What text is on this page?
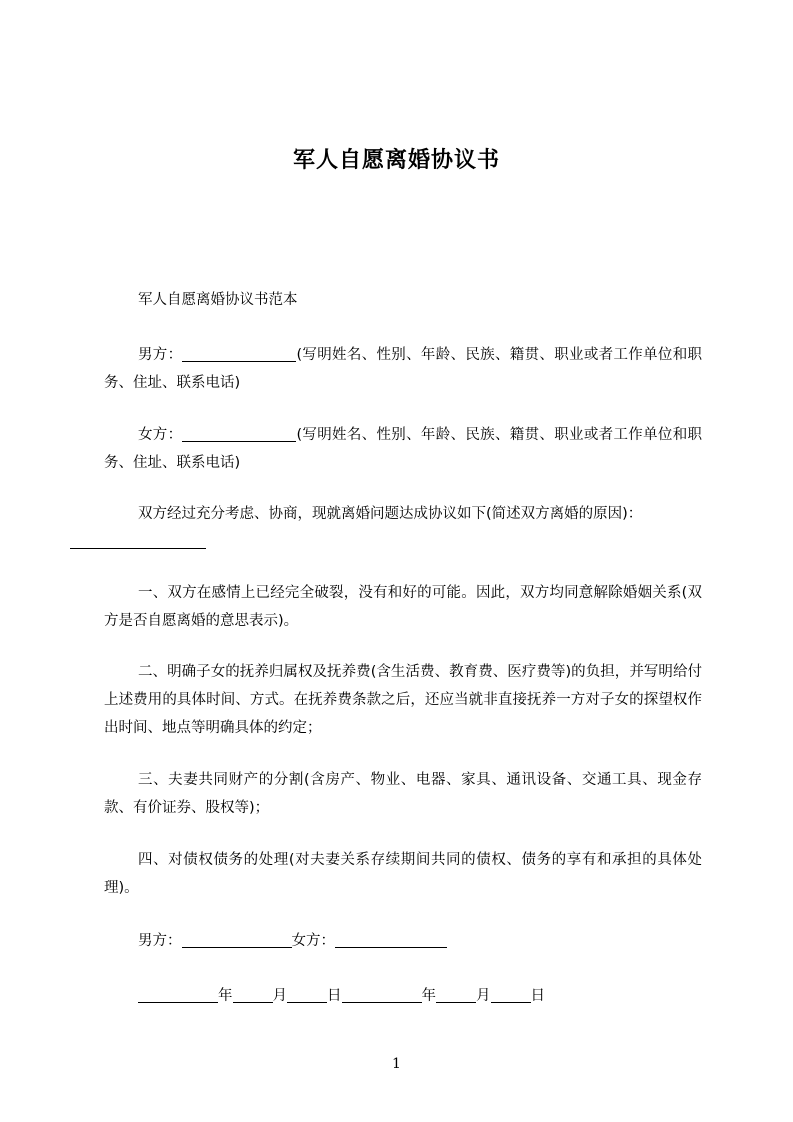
军人自愿离婚协议书
军人自愿离婚协议书范本
男方：	(写明姓名、性别、年龄、民族、籍贯、职业或者工作单位和职务、住址、联系电话)
女方：	(写明姓名、性别、年龄、民族、籍贯、职业或者工作单位和职务、住址、联系电话)
双方经过充分考虑、协商，现就离婚问题达成协议如下(简述双方离婚的原因)：

一、双方在感情上已经完全破裂，没有和好的可能。因此，双方均同意解除婚姻关系(双方是否自愿离婚的意思表示)。
二、明确子女的抚养归属权及抚养费(含生活费、教育费、医疗费等)的负担，并写明给付上述费用的具体时间、方式。在抚养费条款之后，还应当就非直接抚养一方对子女的探望权作出时间、地点等明确具体的约定；
三、夫妻共同财产的分割(含房产、物业、电器、家具、通讯设备、交通工具、现金存款、有价证券、股权等)；
四、对债权债务的处理(对夫妻关系存续期间共同的债权、债务的享有和承担的具体处理)。
男方：	女方：
年	月	日	年	月	日
1
